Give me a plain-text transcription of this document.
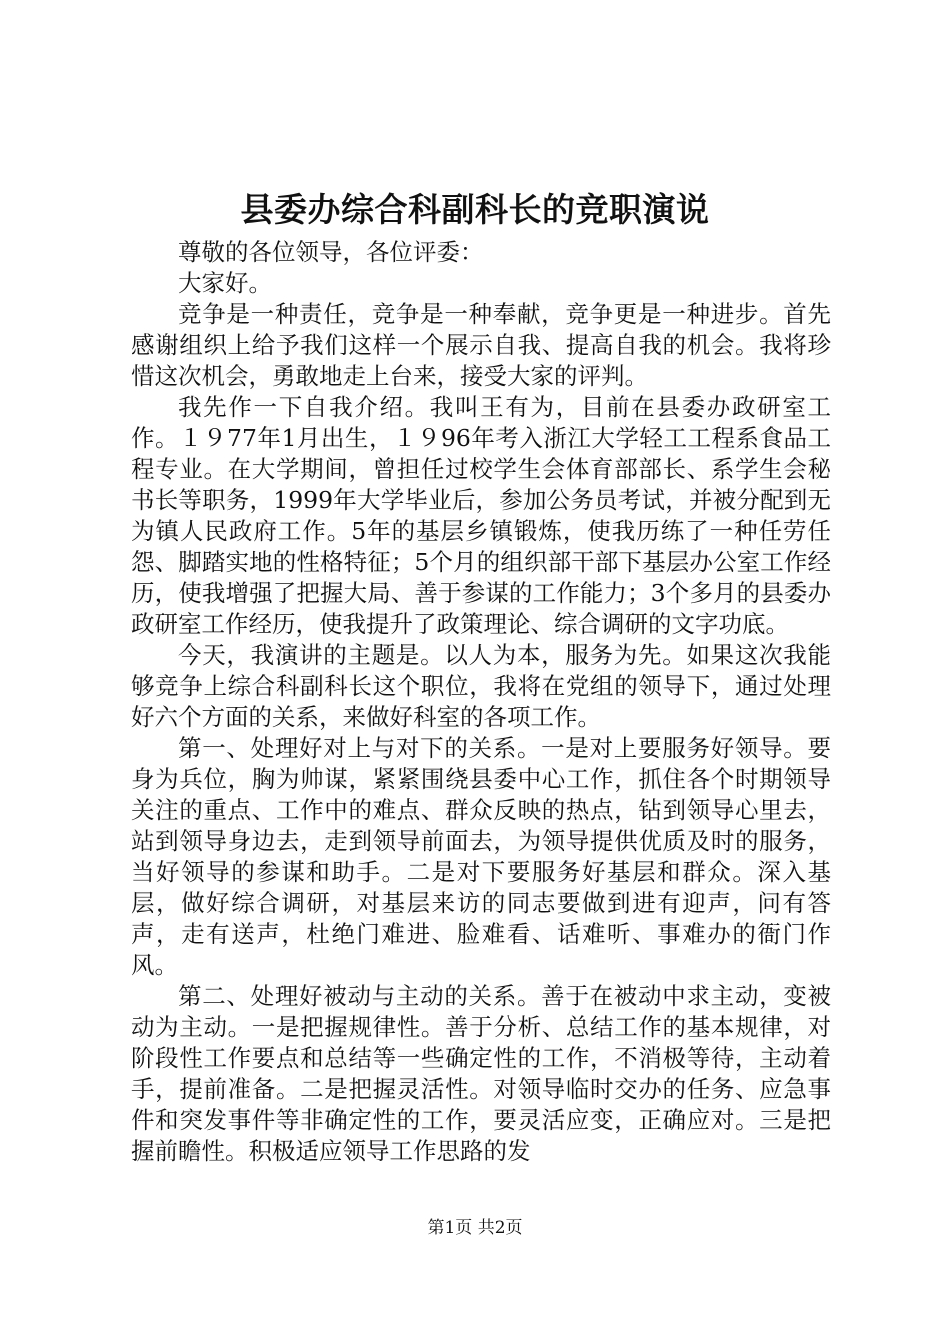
县委办综合科副科长的竞职演说

尊敬的各位领导，各位评委：

大家好。

竞争是一种责任，竞争是一种奉献，竞争更是一种进步。首先感谢组织上给予我们这样一个展示自我、提高自我的机会。我将珍惜这次机会，勇敢地走上台来，接受大家的评判。

我先作一下自我介绍。我叫王有为，目前在县委办政研室工作。１９77年1月出生，１９96年考入浙江大学轻工工程系食品工程专业。在大学期间，曾担任过校学生会体育部部长、系学生会秘书长等职务，1999年大学毕业后，参加公务员考试，并被分配到无为镇人民政府工作。5年的基层乡镇锻炼，使我历练了一种任劳任怨、脚踏实地的性格特征；5个月的组织部干部下基层办公室工作经历，使我增强了把握大局、善于参谋的工作能力；3个多月的县委办政研室工作经历，使我提升了政策理论、综合调研的文字功底。

今天，我演讲的主题是。以人为本，服务为先。如果这次我能够竞争上综合科副科长这个职位，我将在党组的领导下，通过处理好六个方面的关系，来做好科室的各项工作。

第一、处理好对上与对下的关系。一是对上要服务好领导。要身为兵位，胸为帅谋，紧紧围绕县委中心工作，抓住各个时期领导关注的重点、工作中的难点、群众反映的热点，钻到领导心里去，站到领导身边去，走到领导前面去，为领导提供优质及时的服务，当好领导的参谋和助手。二是对下要服务好基层和群众。深入基层，做好综合调研，对基层来访的同志要做到进有迎声，问有答声，走有送声，杜绝门难进、脸难看、话难听、事难办的衙门作风。

第二、处理好被动与主动的关系。善于在被动中求主动，变被动为主动。一是把握规律性。善于分析、总结工作的基本规律，对阶段性工作要点和总结等一些确定性的工作，不消极等待，主动着手，提前准备。二是把握灵活性。对领导临时交办的任务、应急事件和突发事件等非确定性的工作，要灵活应变，正确应对。三是把握前瞻性。积极适应领导工作思路的发

第1页 共2页
